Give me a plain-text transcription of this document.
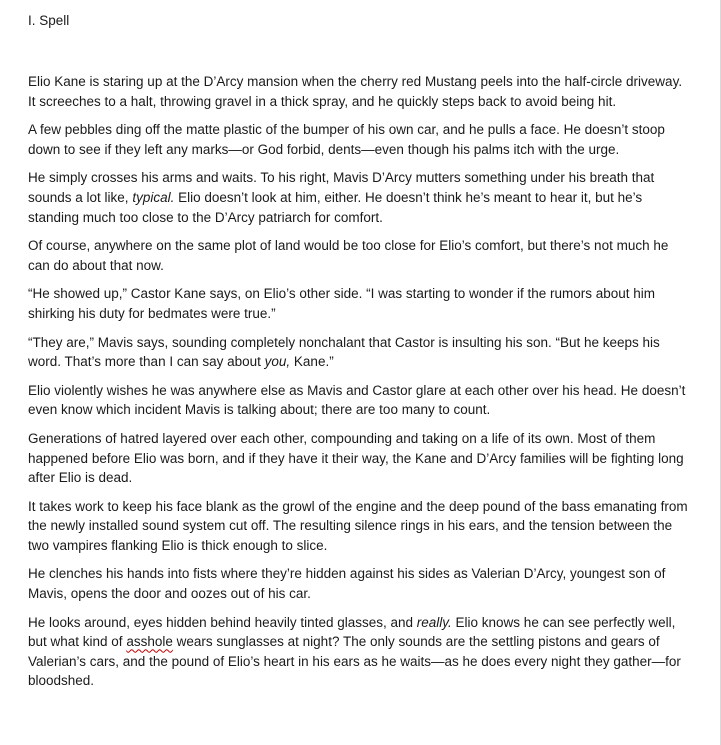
I. Spell

Elio Kane is staring up at the D’Arcy mansion when the cherry red Mustang peels into the half-circle driveway. It screeches to a halt, throwing gravel in a thick spray, and he quickly steps back to avoid being hit.

A few pebbles ding off the matte plastic of the bumper of his own car, and he pulls a face. He doesn’t stoop down to see if they left any marks—or God forbid, dents—even though his palms itch with the urge.

He simply crosses his arms and waits. To his right, Mavis D’Arcy mutters something under his breath that sounds a lot like, typical. Elio doesn’t look at him, either. He doesn’t think he’s meant to hear it, but he’s standing much too close to the D’Arcy patriarch for comfort.

Of course, anywhere on the same plot of land would be too close for Elio’s comfort, but there’s not much he can do about that now.

“He showed up,” Castor Kane says, on Elio’s other side. “I was starting to wonder if the rumors about him shirking his duty for bedmates were true.”

“They are,” Mavis says, sounding completely nonchalant that Castor is insulting his son. “But he keeps his word. That’s more than I can say about you, Kane.”

Elio violently wishes he was anywhere else as Mavis and Castor glare at each other over his head. He doesn’t even know which incident Mavis is talking about; there are too many to count.

Generations of hatred layered over each other, compounding and taking on a life of its own. Most of them happened before Elio was born, and if they have it their way, the Kane and D’Arcy families will be fighting long after Elio is dead.

It takes work to keep his face blank as the growl of the engine and the deep pound of the bass emanating from the newly installed sound system cut off. The resulting silence rings in his ears, and the tension between the two vampires flanking Elio is thick enough to slice.

He clenches his hands into fists where they’re hidden against his sides as Valerian D’Arcy, youngest son of Mavis, opens the door and oozes out of his car.

He looks around, eyes hidden behind heavily tinted glasses, and really. Elio knows he can see perfectly well, but what kind of asshole wears sunglasses at night? The only sounds are the settling pistons and gears of Valerian’s cars, and the pound of Elio’s heart in his ears as he waits—as he does every night they gather—for bloodshed.
